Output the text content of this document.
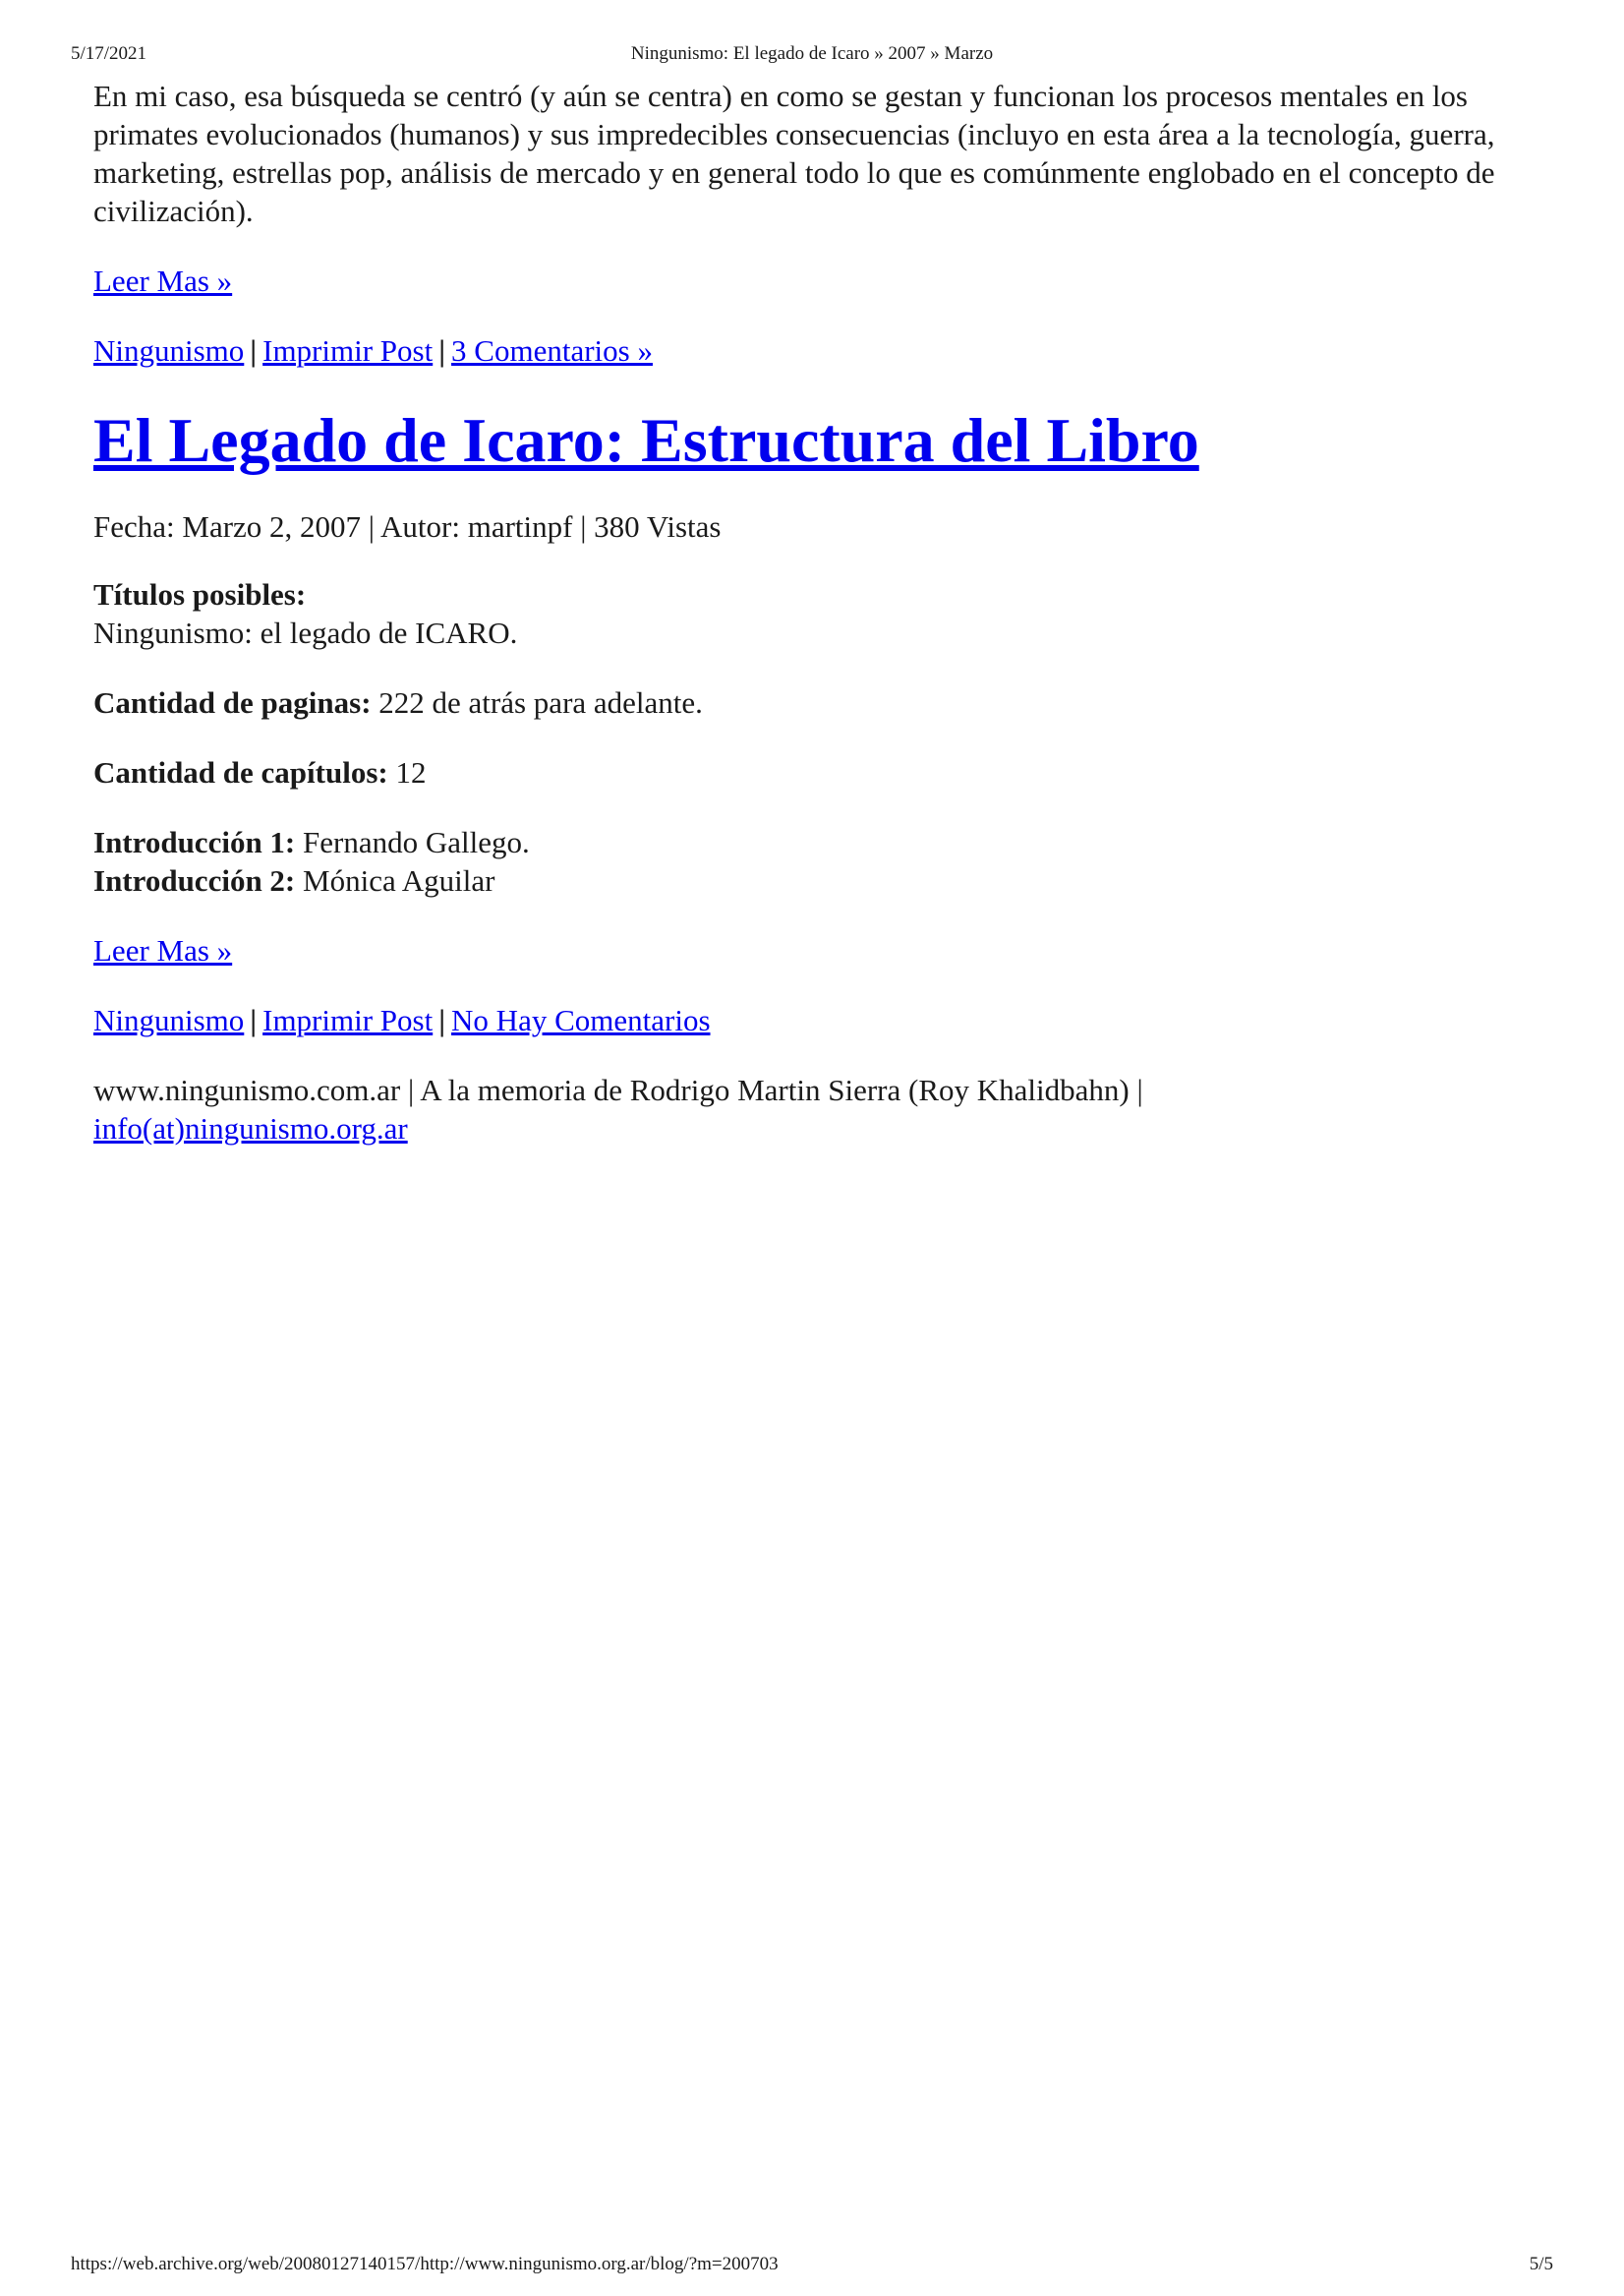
5/17/2021	Ningunismo: El legado de Icaro » 2007 » Marzo

En mi caso, esa búsqueda se centró (y aún se centra) en como se gestan y funcionan los procesos mentales en los primates evolucionados (humanos) y sus impredecibles consecuencias (incluyo en esta área a la tecnología, guerra, marketing, estrellas pop, análisis de mercado y en general todo lo que es comúnmente englobado en el concepto de civilización).

Leer Mas »

Ningunismo | Imprimir Post | 3 Comentarios »

El Legado de Icaro: Estructura del Libro

Fecha: Marzo 2, 2007 | Autor: martinpf | 380 Vistas

Títulos posibles:
Ningunismo: el legado de ICARO.

Cantidad de paginas: 222 de atrás para adelante.

Cantidad de capítulos: 12

Introducción 1: Fernando Gallego.
Introducción 2: Mónica Aguilar

Leer Mas »

Ningunismo | Imprimir Post | No Hay Comentarios

www.ningunismo.com.ar | A la memoria de Rodrigo Martin Sierra (Roy Khalidbahn) |
info(at)ningunismo.org.ar

https://web.archive.org/web/20080127140157/http://www.ningunismo.org.ar/blog/?m=200703	5/5
